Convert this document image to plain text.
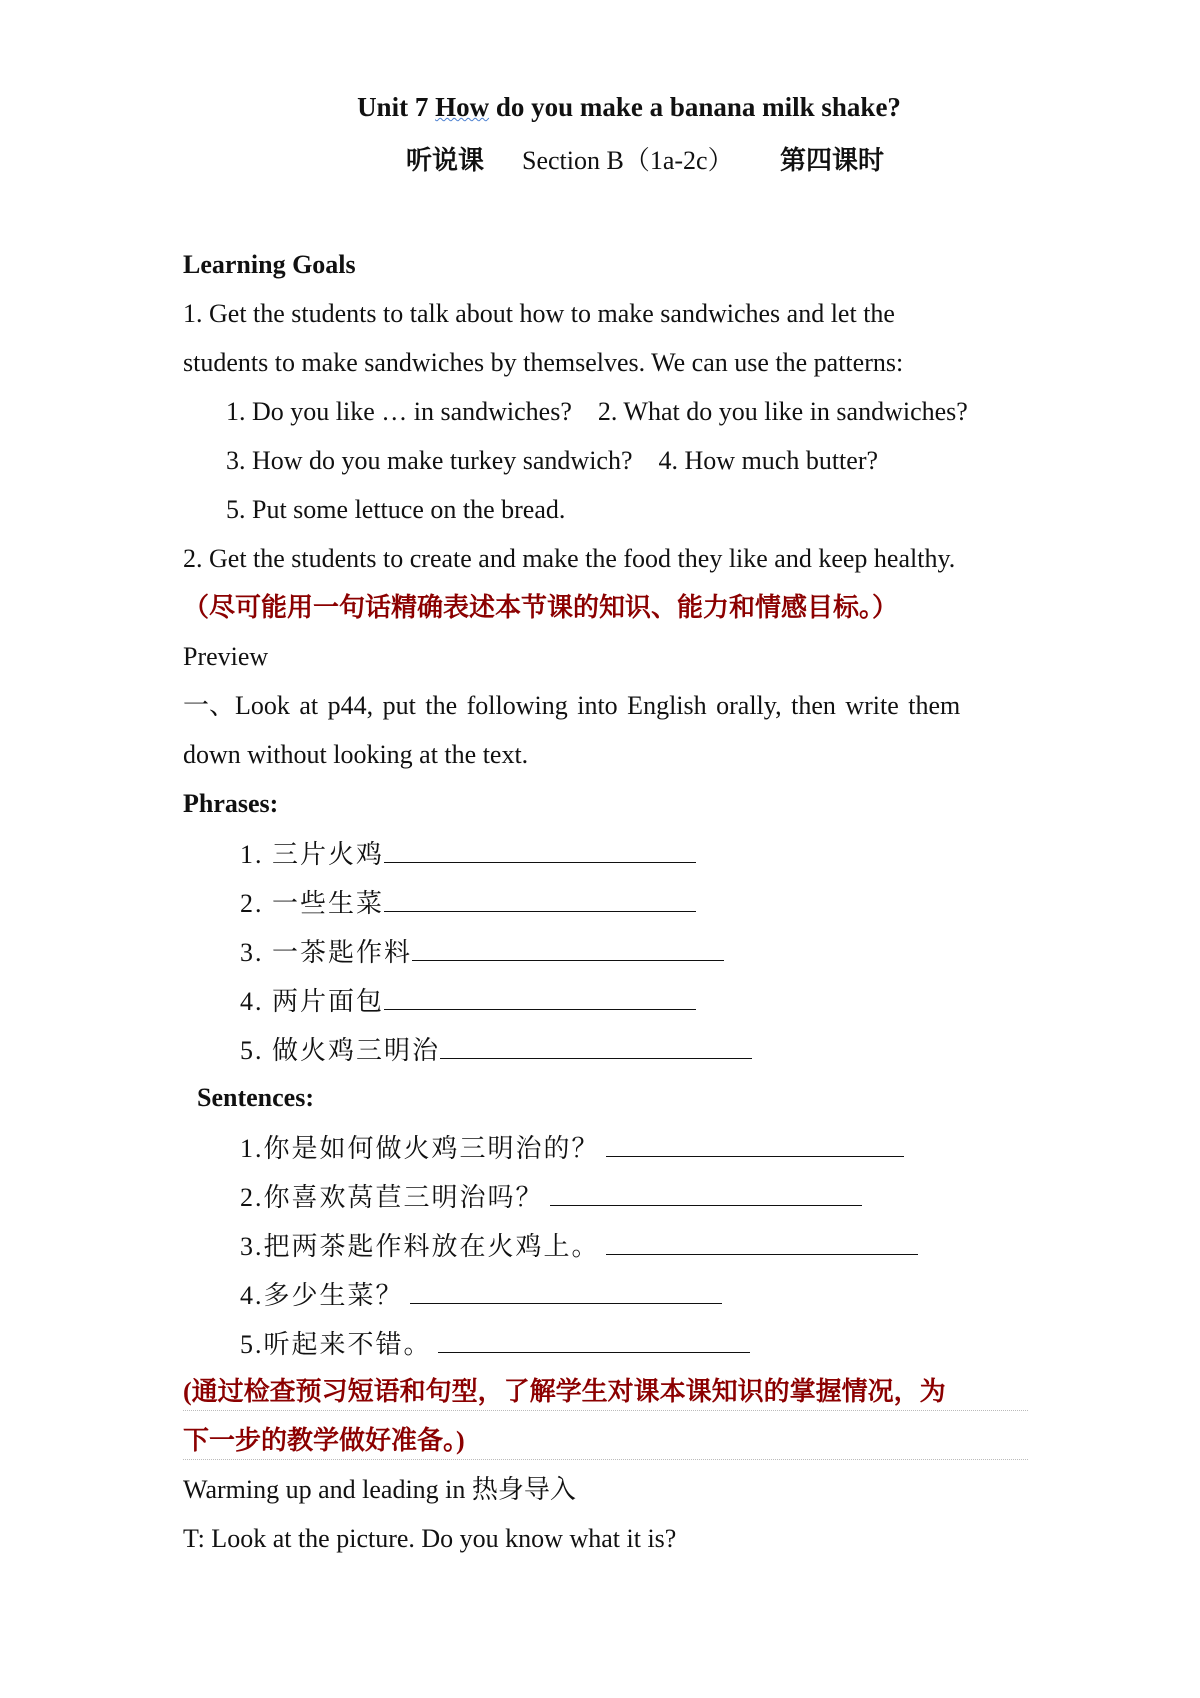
Unit 7 How do you make a banana milk shake?
听说课 Section B（1a-2c） 第四课时
Learning Goals
1. Get the students to talk about how to make sandwiches and let the
students to make sandwiches by themselves. We can use the patterns:
1. Do you like … in sandwiches?    2. What do you like in sandwiches?
3. How do you make turkey sandwich?    4. How much butter?
5. Put some lettuce on the bread.
2. Get the students to create and make the food they like and keep healthy.
（尽可能用一句话精确表述本节课的知识、能力和情感目标。）
Preview
一、Look at p44, put the following into English orally, then write them
down without looking at the text.
Phrases:
1. 三片火鸡
2. 一些生菜
3. 一茶匙作料
4. 两片面包
5. 做火鸡三明治
Sentences:
1.你是如何做火鸡三明治的？
2.你喜欢莴苣三明治吗？
3.把两茶匙作料放在火鸡上。
4.多少生菜？
5.听起来不错。
(通过检查预习短语和句型，了解学生对课本课知识的掌握情况，为
下一步的教学做好准备。)
Warming up and leading in 热身导入
T: Look at the picture. Do you know what it is?
